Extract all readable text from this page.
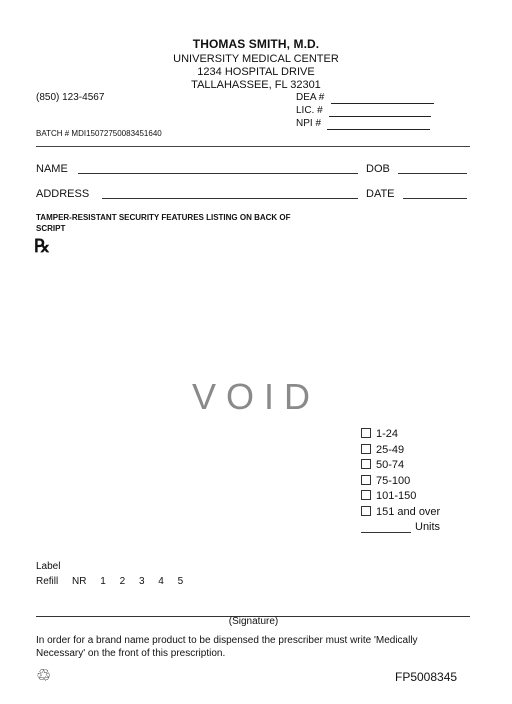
THOMAS SMITH, M.D.
UNIVERSITY MEDICAL CENTER
1234 HOSPITAL DRIVE
TALLAHASSEE, FL 32301
(850) 123-4567	DEA #
LIC. #
NPI #
BATCH # MDI15072750083451640
NAME	DOB
ADDRESS	DATE
TAMPER-RESISTANT SECURITY FEATURES LISTING ON BACK OF SCRIPT
℞
VOID
1-24
25-49
50-74
75-100
101-150
151 and over
Units
Label
Refill NR 1 2 3 4 5
(Signature)
In order for a brand name product to be dispensed the prescriber must write 'Medically Necessary' on the front of this prescription.
♲	FP5008345
